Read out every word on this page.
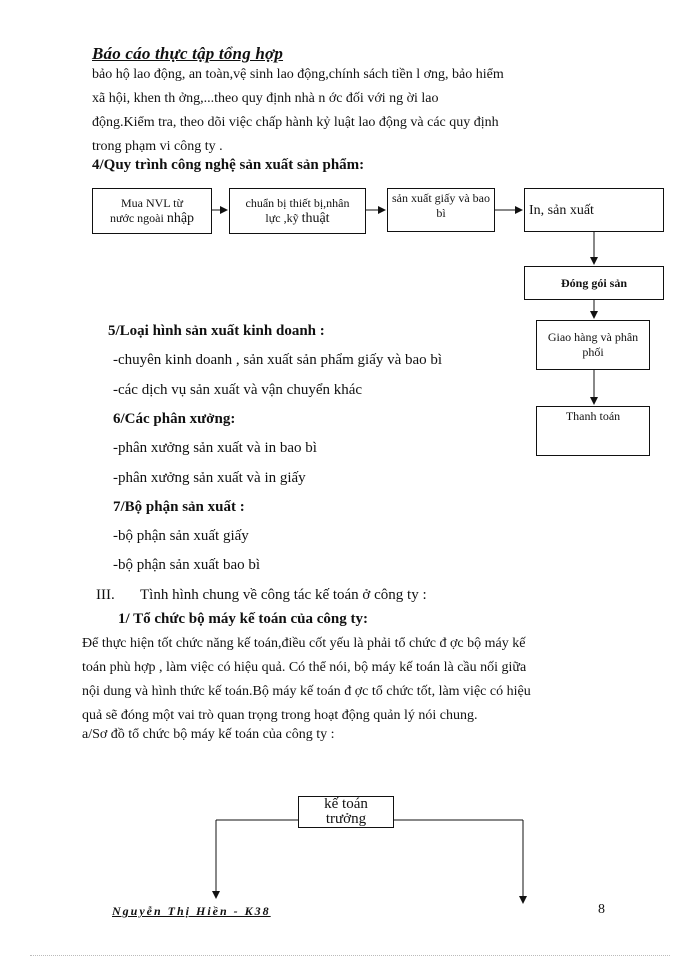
Báo cáo thực tập tổng hợp

bảo hộ lao động, an toàn,vệ sinh lao động,chính sách tiền l ơng, bảo hiểm

xã hội, khen th ởng,...theo quy định nhà n ớc đối với ng ời lao

động.Kiểm tra, theo dõi việc chấp hành kỷ luật lao động và các quy định

trong phạm vi công ty .

4/Quy trình công nghệ sản xuất sản phẩm:
Mua NVL từ
nước ngoài nhập
chuẩn bị thiết bị,nhân
lực ,kỹ thuật
sản xuất giấy và bao bì	In, sản xuất
Đóng gói sản
Giao hàng và phân phối
Thanh toán
5/Loại hình sản xuất kinh doanh :
-chuyên kinh doanh , sản xuất sản phẩm giấy và bao bì
-các dịch vụ sản xuất và vận chuyển khác
6/Các phân xưởng:
-phân xưởng sản xuất và in bao bì
-phân xưởng sản xuất và in giấy
7/Bộ phận sản xuất :
-bộ phận sản xuất giấy
-bộ phận sản xuất bao bì
III. Tình hình chung về công tác kế toán ở công ty :
1/ Tổ chức bộ máy kế toán của công ty:

Để thực hiện tốt chức năng kế toán,điều cốt yếu là phải tổ chức đ ợc bộ máy kế

toán phù hợp , làm việc có hiệu quả. Có thể nói, bộ máy kế toán là cầu nối giữa

nội dung và hình thức kế toán.Bộ máy kế toán đ ợc tổ chức tốt, làm việc có hiệu

quả sẽ đóng một vai trò quan trọng trong hoạt động quản lý nói chung.

a/Sơ đồ tổ chức bộ máy kế toán của công ty :
kế toán trưởng
Nguyễn Thị Hiền - K38	8
